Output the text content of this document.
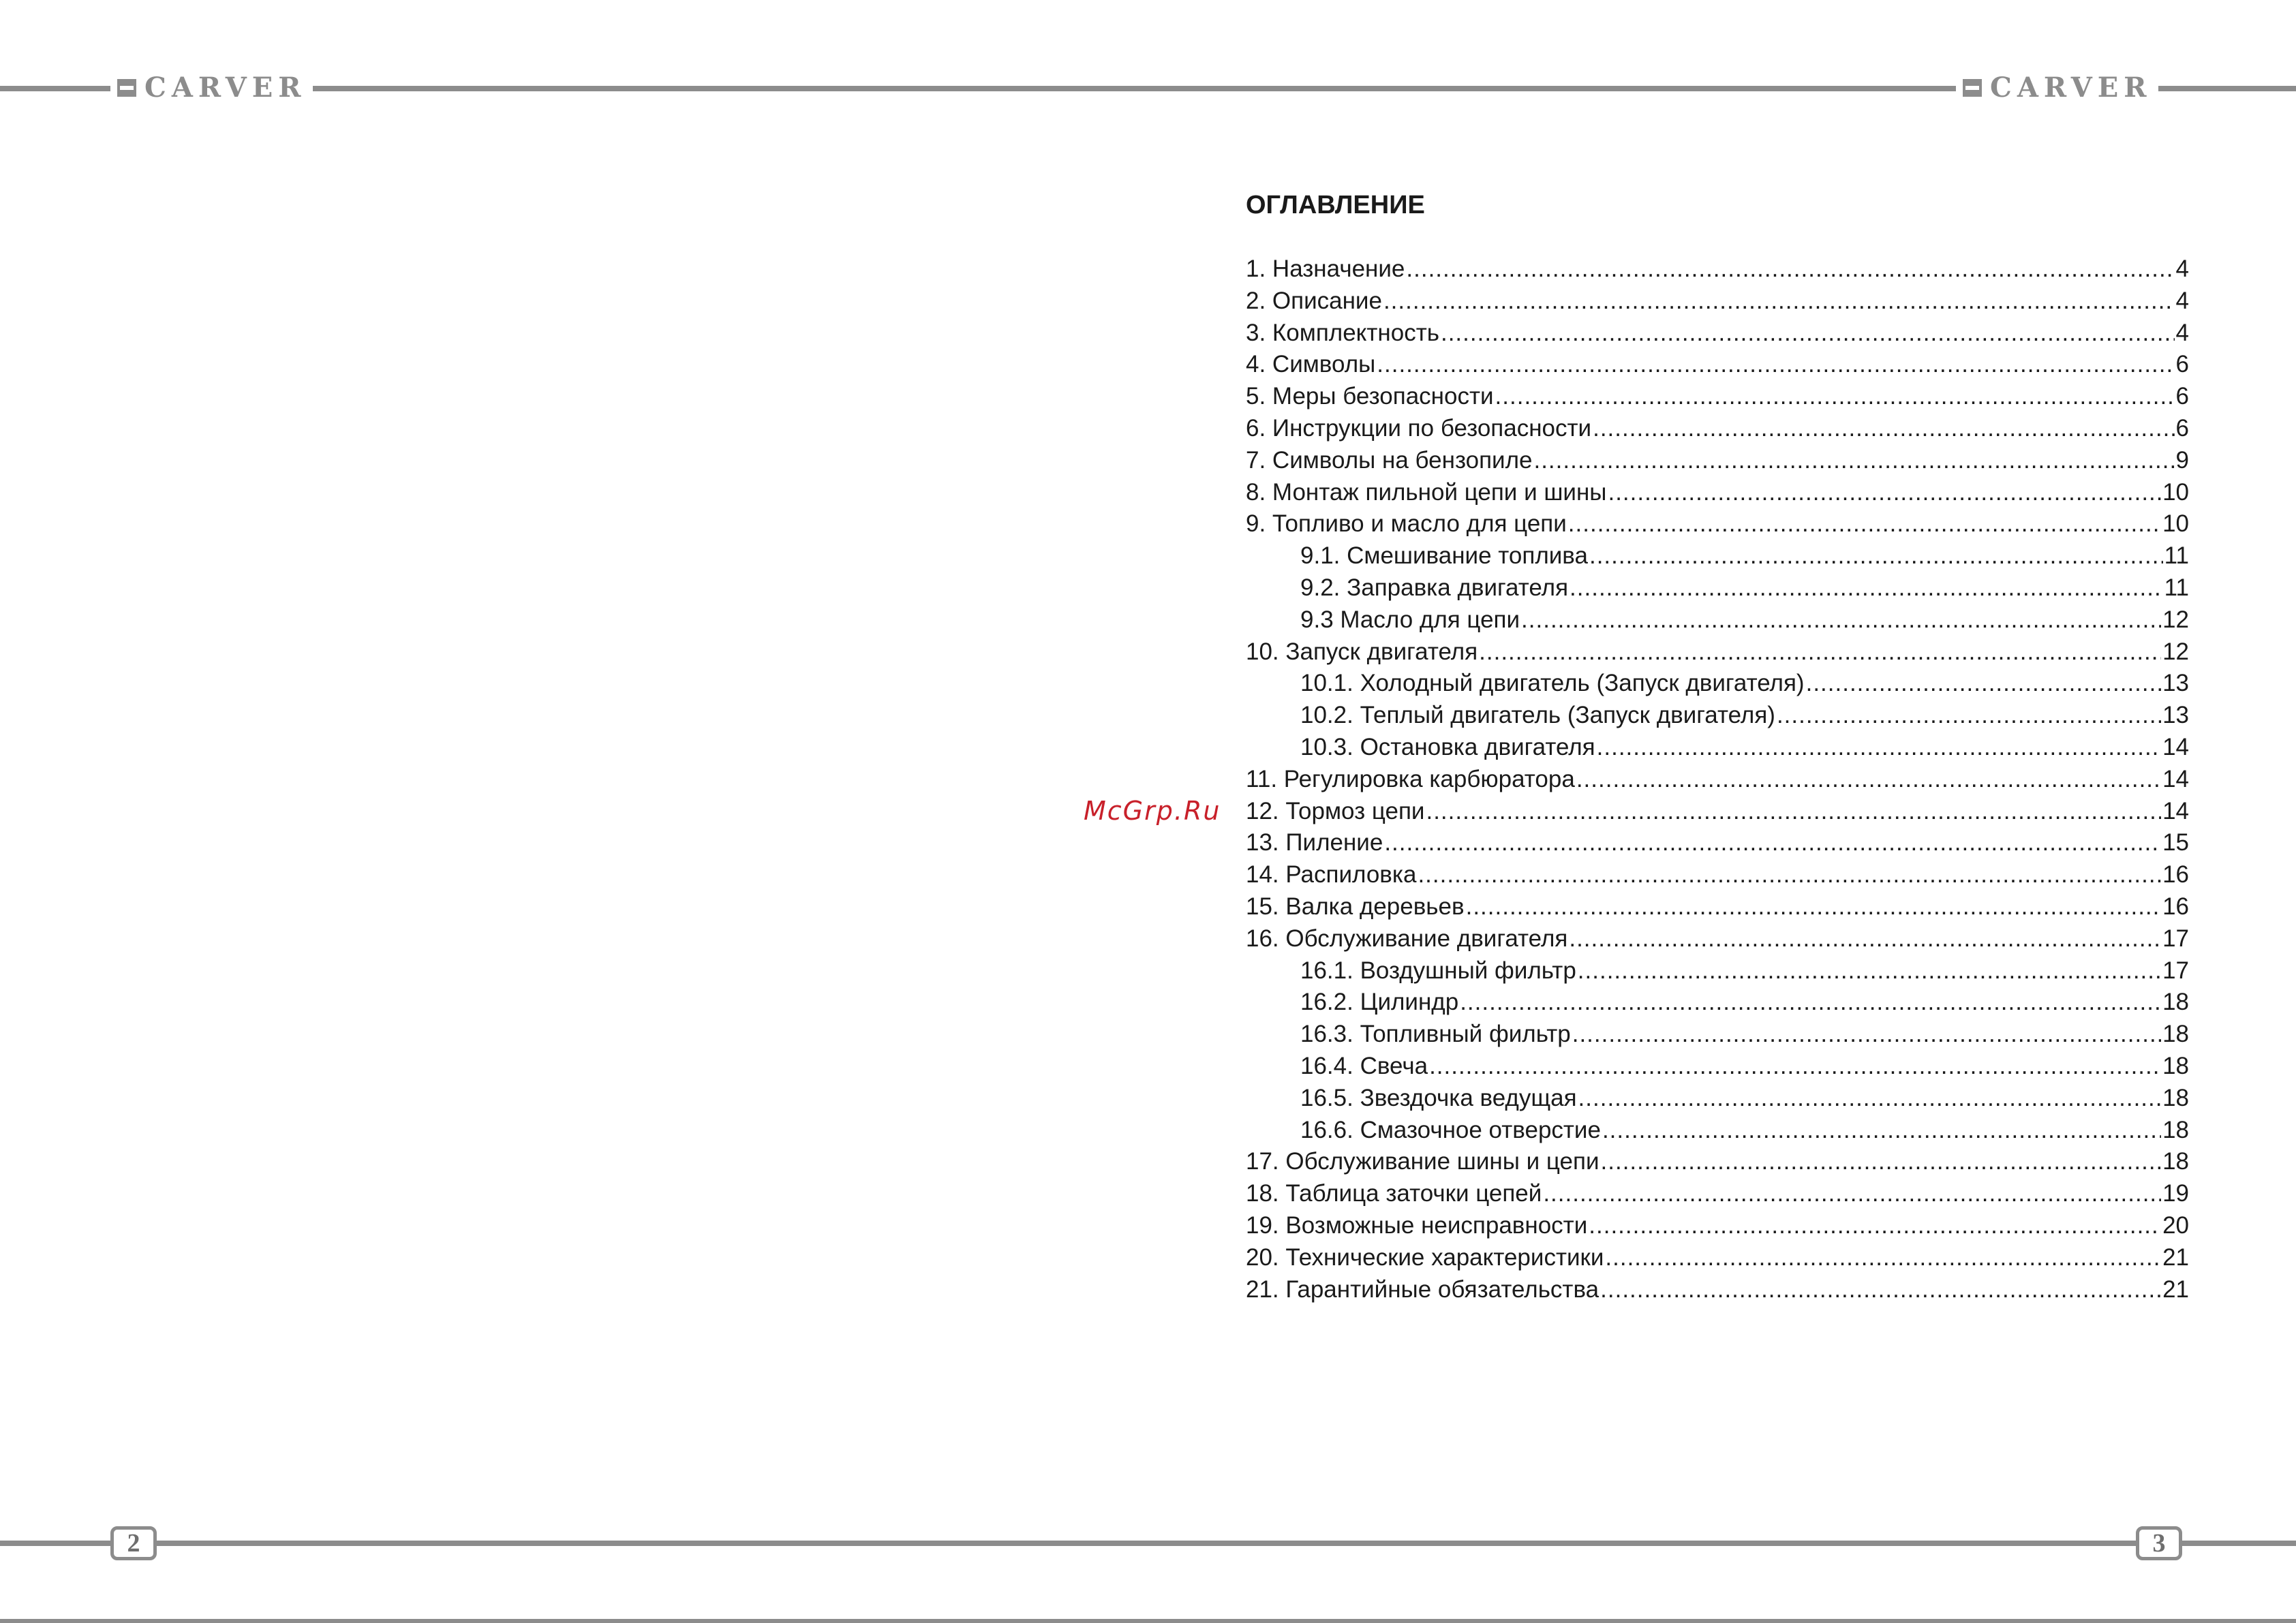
CARVER	CARVER
McGrp.Ru
ОГЛАВЛЕНИЕ
1. Назначение .....	4
2. Описание .....	4
3. Комплектность .....	4
4. Символы .....	6
5. Меры безопасности .....	6
6. Инструкции по безопасности .....	6
7. Символы на бензопиле .....	9
8. Монтаж пильной цепи и шины .....	10
9. Топливо и масло для цепи .....	10
9.1. Смешивание топлива .....	11
9.2. Заправка двигателя .....	11
9.3 Масло для цепи .....	12
10. Запуск двигателя .....	12
10.1. Холодный двигатель (Запуск двигателя) .....	13
10.2. Теплый двигатель (Запуск двигателя) .....	13
10.3. Остановка двигателя .....	14
11. Регулировка карбюратора .....	14
12. Тормоз цепи .....	14
13. Пиление .....	15
14. Распиловка .....	16
15. Валка деревьев .....	16
16. Обслуживание двигателя .....	17
16.1. Воздушный фильтр .....	17
16.2. Цилиндр .....	18
16.3. Топливный фильтр .....	18
16.4. Свеча .....	18
16.5. Звездочка ведущая .....	18
16.6. Смазочное отверстие .....	18
17. Обслуживание шины и цепи .....	18
18. Таблица заточки цепей .....	19
19. Возможные неисправности .....	20
20. Технические характеристики .....	21
21. Гарантийные обязательства .....	21
2	3
